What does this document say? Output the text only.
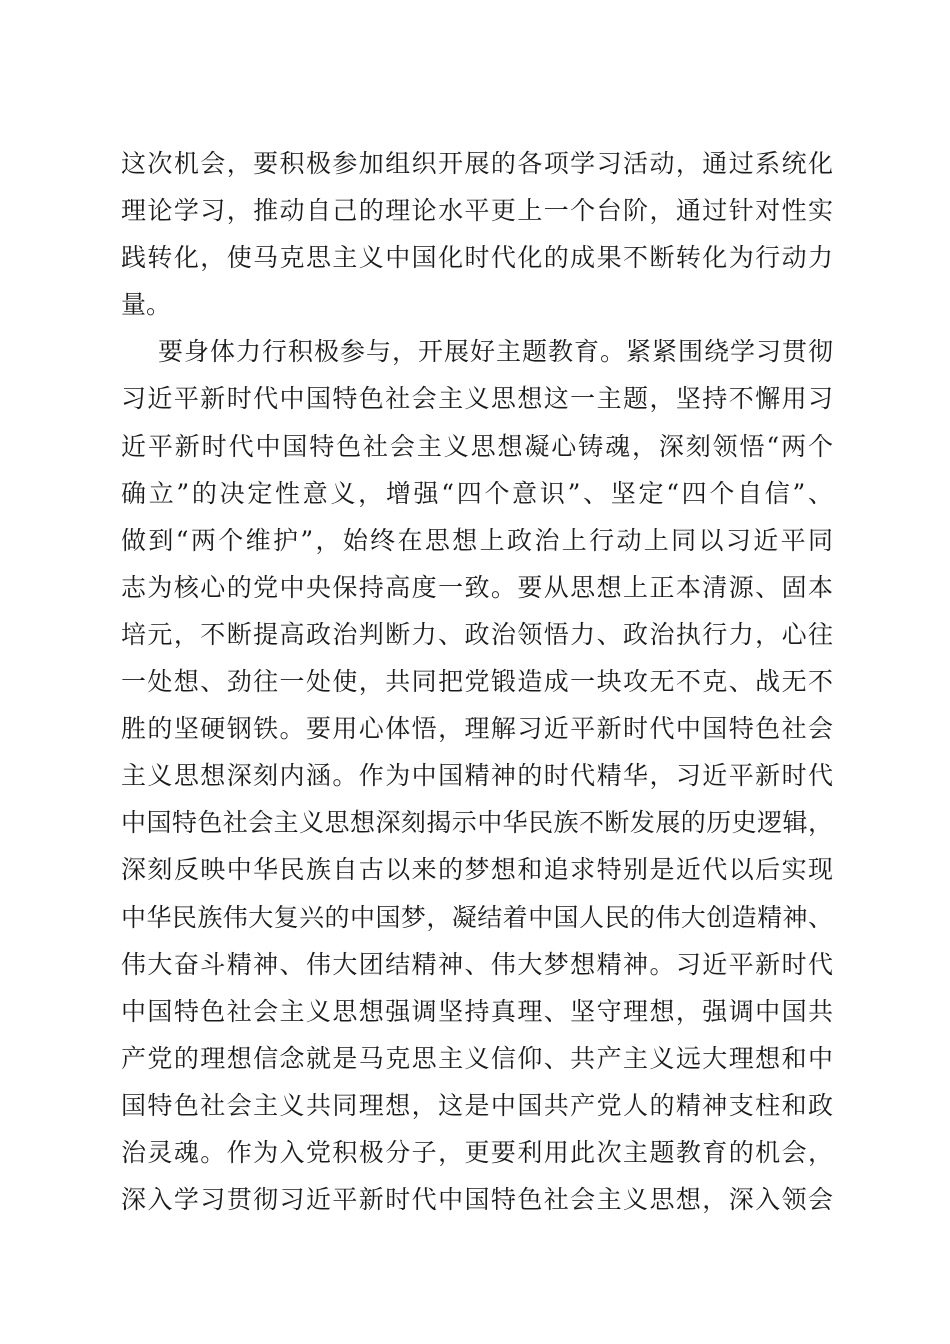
这次机会，要积极参加组织开展的各项学习活动，通过系统化
理论学习，推动自己的理论水平更上一个台阶，通过针对性实
践转化，使马克思主义中国化时代化的成果不断转化为行动力
量。
要身体力行积极参与，开展好主题教育。紧紧围绕学习贯彻
习近平新时代中国特色社会主义思想这一主题，坚持不懈用习
近平新时代中国特色社会主义思想凝心铸魂，深刻领悟“两个
确立”的决定性意义，增强“四个意识”、坚定“四个自信”、
做到“两个维护”，始终在思想上政治上行动上同以习近平同
志为核心的党中央保持高度一致。要从思想上正本清源、固本
培元，不断提高政治判断力、政治领悟力、政治执行力，心往
一处想、劲往一处使，共同把党锻造成一块攻无不克、战无不
胜的坚硬钢铁。要用心体悟，理解习近平新时代中国特色社会
主义思想深刻内涵。作为中国精神的时代精华，习近平新时代
中国特色社会主义思想深刻揭示中华民族不断发展的历史逻辑，
深刻反映中华民族自古以来的梦想和追求特别是近代以后实现
中华民族伟大复兴的中国梦，凝结着中国人民的伟大创造精神、
伟大奋斗精神、伟大团结精神、伟大梦想精神。习近平新时代
中国特色社会主义思想强调坚持真理、坚守理想，强调中国共
产党的理想信念就是马克思主义信仰、共产主义远大理想和中
国特色社会主义共同理想，这是中国共产党人的精神支柱和政
治灵魂。作为入党积极分子，更要利用此次主题教育的机会，
深入学习贯彻习近平新时代中国特色社会主义思想，深入领会
